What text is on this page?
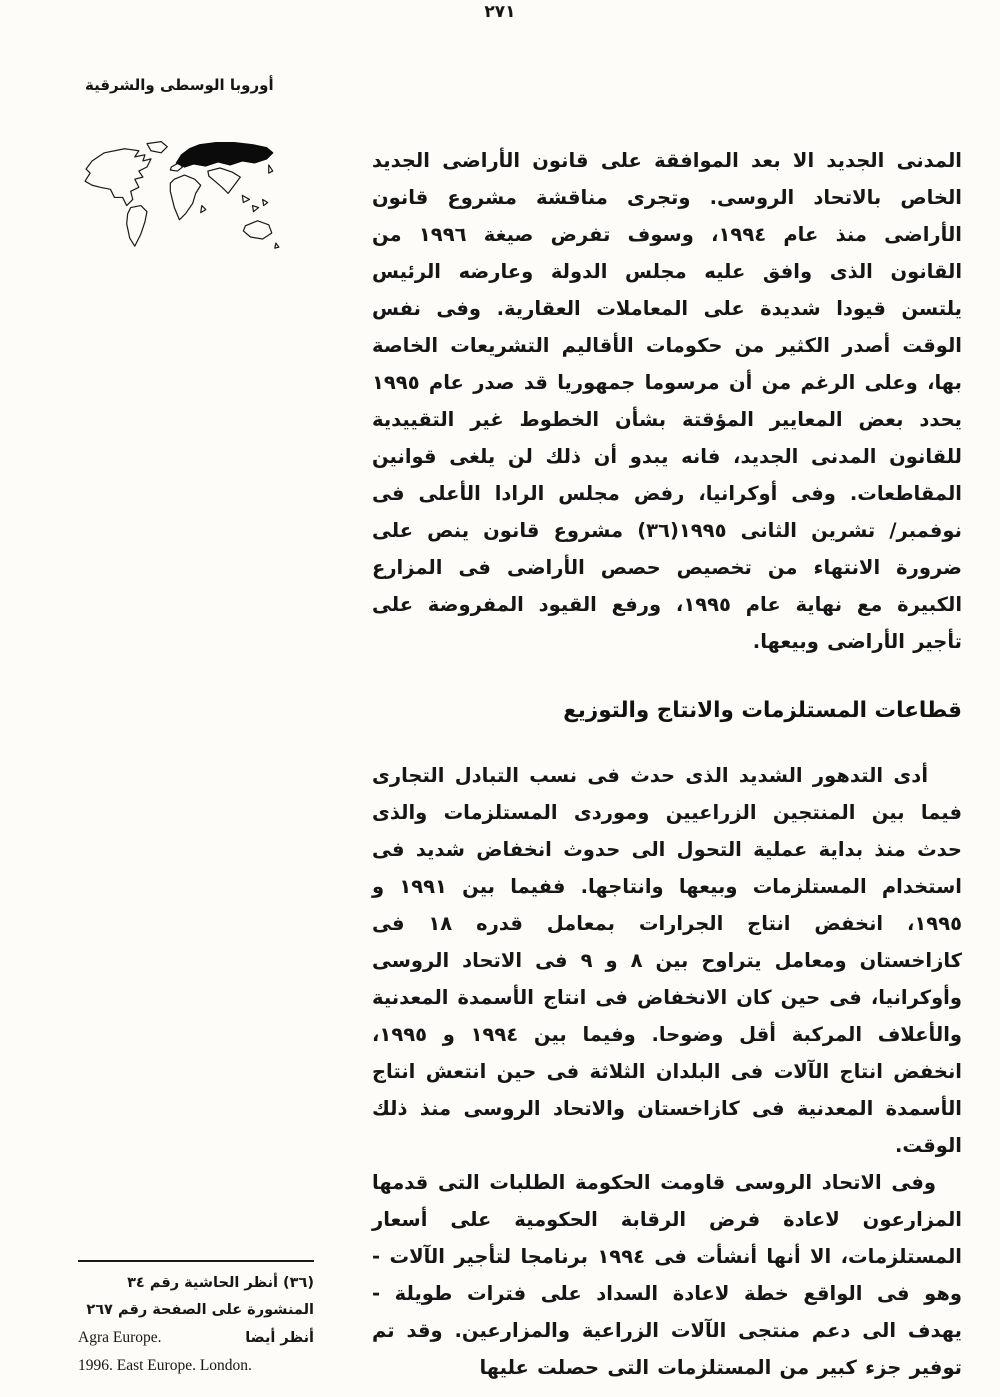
٢٧١
أوروبا الوسطى والشرقية

المدنى الجديد الا بعد الموافقة على قانون الأراضى الجديد الخاص بالاتحاد الروسى. وتجرى مناقشة مشروع قانون الأراضى منذ عام ١٩٩٤، وسوف تفرض صيغة ١٩٩٦ من القانون الذى وافق عليه مجلس الدولة وعارضه الرئيس يلتسن قيودا شديدة على المعاملات العقارية. وفى نفس الوقت أصدر الكثير من حكومات الأقاليم التشريعات الخاصة بها، وعلى الرغم من أن مرسوما جمهوريا قد صدر عام ١٩٩٥ يحدد بعض المعايير المؤقتة بشأن الخطوط غير التقييدية للقانون المدنى الجديد، فانه يبدو أن ذلك لن يلغى قوانين المقاطعات. وفى أوكرانيا، رفض مجلس الرادا الأعلى فى نوفمبر/ تشرين الثانى ١٩٩٥(٣٦) مشروع قانون ينص على ضرورة الانتهاء من تخصيص حصص الأراضى فى المزارع الكبيرة مع نهاية عام ١٩٩٥، ورفع القيود المفروضة على تأجير الأراضى وبيعها.

قطاعات المستلزمات والانتاج والتوزيع

أدى التدهور الشديد الذى حدث فى نسب التبادل التجارى فيما بين المنتجين الزراعيين وموردى المستلزمات والذى حدث منذ بداية عملية التحول الى حدوث انخفاض شديد فى استخدام المستلزمات وبيعها وانتاجها. ففيما بين ١٩٩١ و ١٩٩٥، انخفض انتاج الجرارات بمعامل قدره ١٨ فى كازاخستان ومعامل يتراوح بين ٨ و ٩ فى الاتحاد الروسى وأوكرانيا، فى حين كان الانخفاض فى انتاج الأسمدة المعدنية والأعلاف المركبة أقل وضوحا. وفيما بين ١٩٩٤ و ١٩٩٥، انخفض انتاج الآلات فى البلدان الثلاثة فى حين انتعش انتاج الأسمدة المعدنية فى كازاخستان والاتحاد الروسى منذ ذلك الوقت.

وفى الاتحاد الروسى قاومت الحكومة الطلبات التى قدمها المزارعون لاعادة فرض الرقابة الحكومية على أسعار المستلزمات، الا أنها أنشأت فى ١٩٩٤ برنامجا لتأجير الآلات - وهو فى الواقع خطة لاعادة السداد على فترات طويلة - يهدف الى دعم منتجى الآلات الزراعية والمزارعين. وقد تم توفير جزء كبير من المستلزمات التى حصلت عليها

(٣٦) أنظر الحاشية رقم ٣٤
المنشورة على الصفحة رقم ٢٦٧
أنظر أيضا
Agra Europe.
1996. East Europe. London.
